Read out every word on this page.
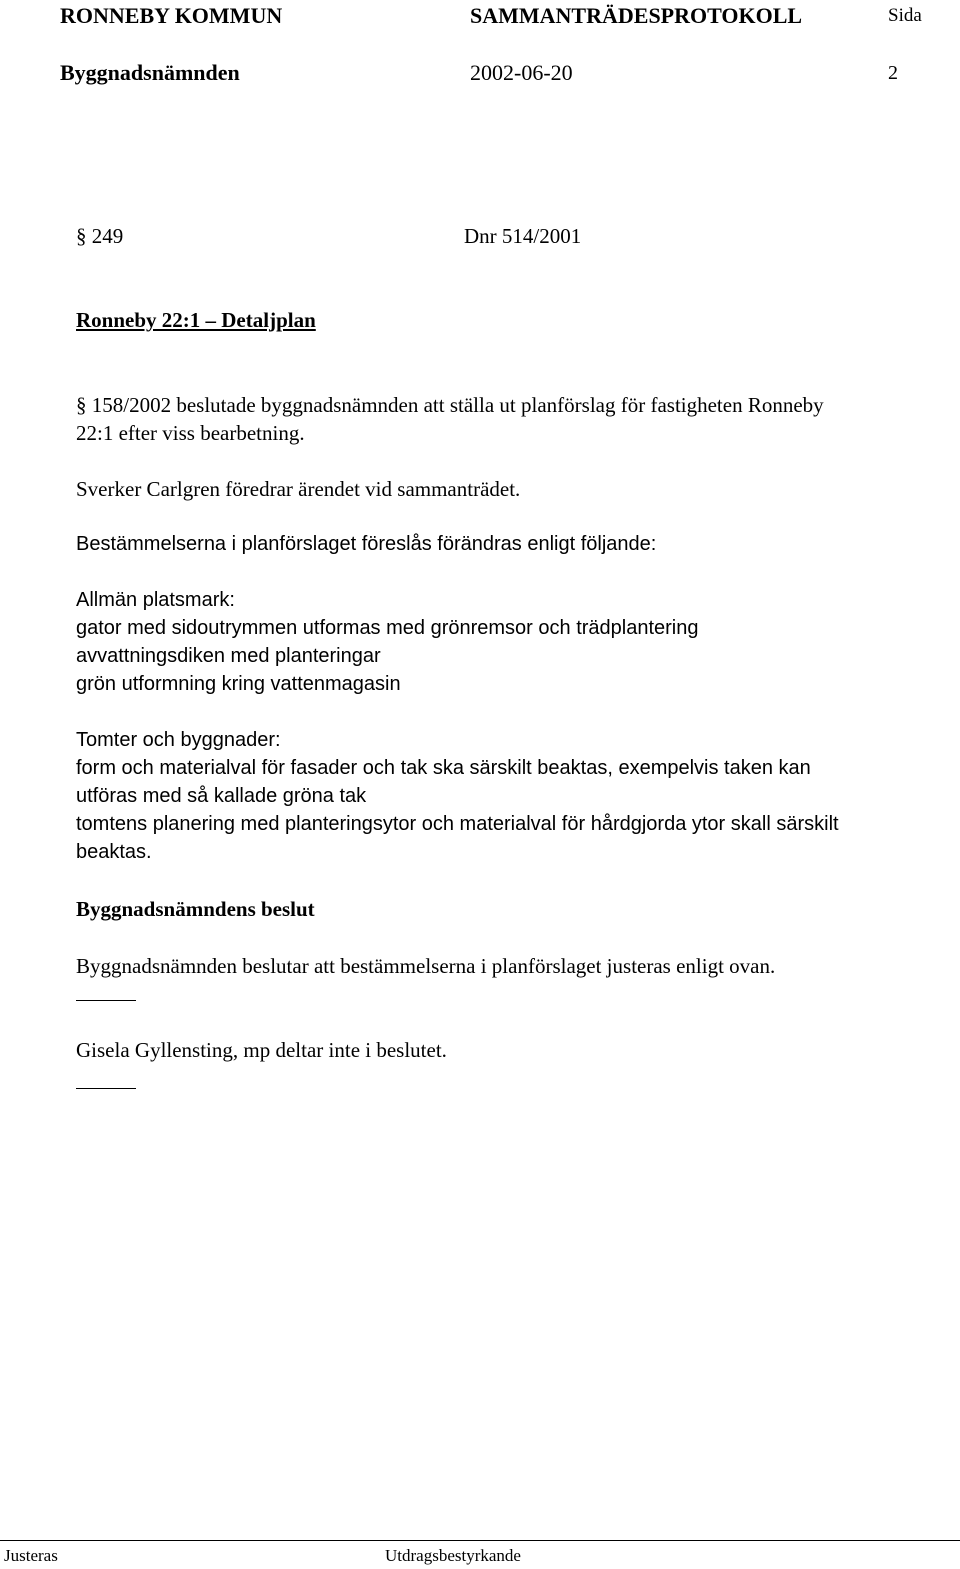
RONNEBY KOMMUN	SAMMANTRÄDESPROTOKOLL	Sida
Byggnadsnämnden	2002-06-20	2
§ 249	Dnr 514/2001
Ronneby 22:1 – Detaljplan
§ 158/2002 beslutade byggnadsnämnden att ställa ut planförslag för fastigheten Ronneby
22:1 efter viss bearbetning.
Sverker Carlgren föredrar ärendet vid sammanträdet.
Bestämmelserna i planförslaget föreslås förändras enligt följande:
Allmän platsmark:
gator med sidoutrymmen utformas med grönremsor och trädplantering
avvattningsdiken med planteringar
grön utformning kring vattenmagasin
Tomter och byggnader:
form och materialval för fasader och tak ska särskilt beaktas, exempelvis taken kan
utföras med så kallade gröna tak
tomtens planering med planteringsytor och materialval för hårdgjorda ytor skall särskilt
beaktas.
Byggnadsnämndens beslut
Byggnadsnämnden beslutar att bestämmelserna i planförslaget justeras enligt ovan.
Gisela Gyllensting, mp deltar inte i beslutet.
Justeras	Utdragsbestyrkande
